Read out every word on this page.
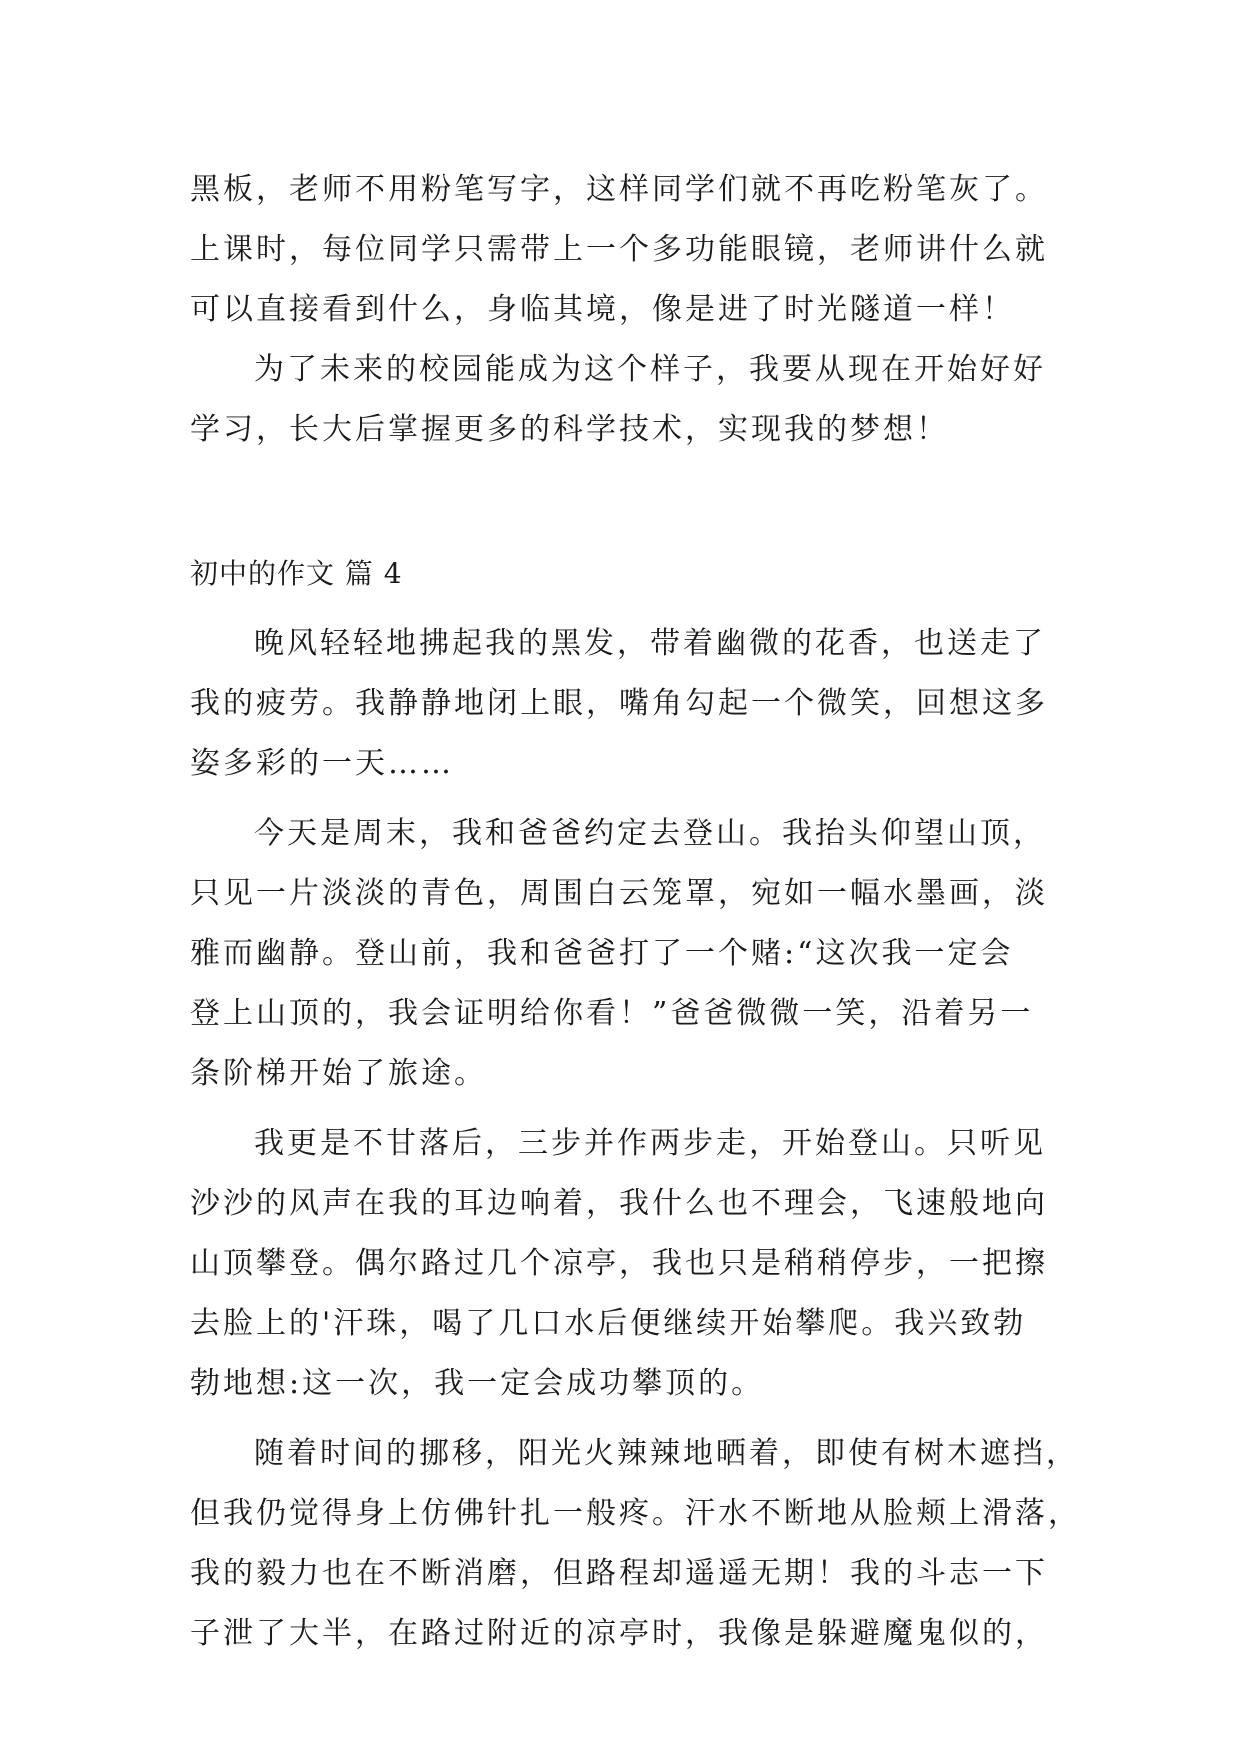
黑板，老师不用粉笔写字，这样同学们就不再吃粉笔灰了。
上课时，每位同学只需带上一个多功能眼镜，老师讲什么就
可以直接看到什么，身临其境，像是进了时光隧道一样！
为了未来的校园能成为这个样子，我要从现在开始好好
学习，长大后掌握更多的科学技术，实现我的梦想！
初中的作文 篇 4
晚风轻轻地拂起我的黑发，带着幽微的花香，也送走了
我的疲劳。我静静地闭上眼，嘴角勾起一个微笑，回想这多
姿多彩的一天……
今天是周末，我和爸爸约定去登山。我抬头仰望山顶，
只见一片淡淡的青色，周围白云笼罩，宛如一幅水墨画，淡
雅而幽静。登山前，我和爸爸打了一个赌:“这次我一定会
登上山顶的，我会证明给你看！”爸爸微微一笑，沿着另一
条阶梯开始了旅途。
我更是不甘落后，三步并作两步走，开始登山。只听见
沙沙的风声在我的耳边响着，我什么也不理会，飞速般地向
山顶攀登。偶尔路过几个凉亭，我也只是稍稍停步，一把擦
去脸上的'汗珠，喝了几口水后便继续开始攀爬。我兴致勃
勃地想:这一次，我一定会成功攀顶的。
随着时间的挪移，阳光火辣辣地晒着，即使有树木遮挡，
但我仍觉得身上仿佛针扎一般疼。汗水不断地从脸颊上滑落，
我的毅力也在不断消磨，但路程却遥遥无期！我的斗志一下
子泄了大半，在路过附近的凉亭时，我像是躲避魔鬼似的，
